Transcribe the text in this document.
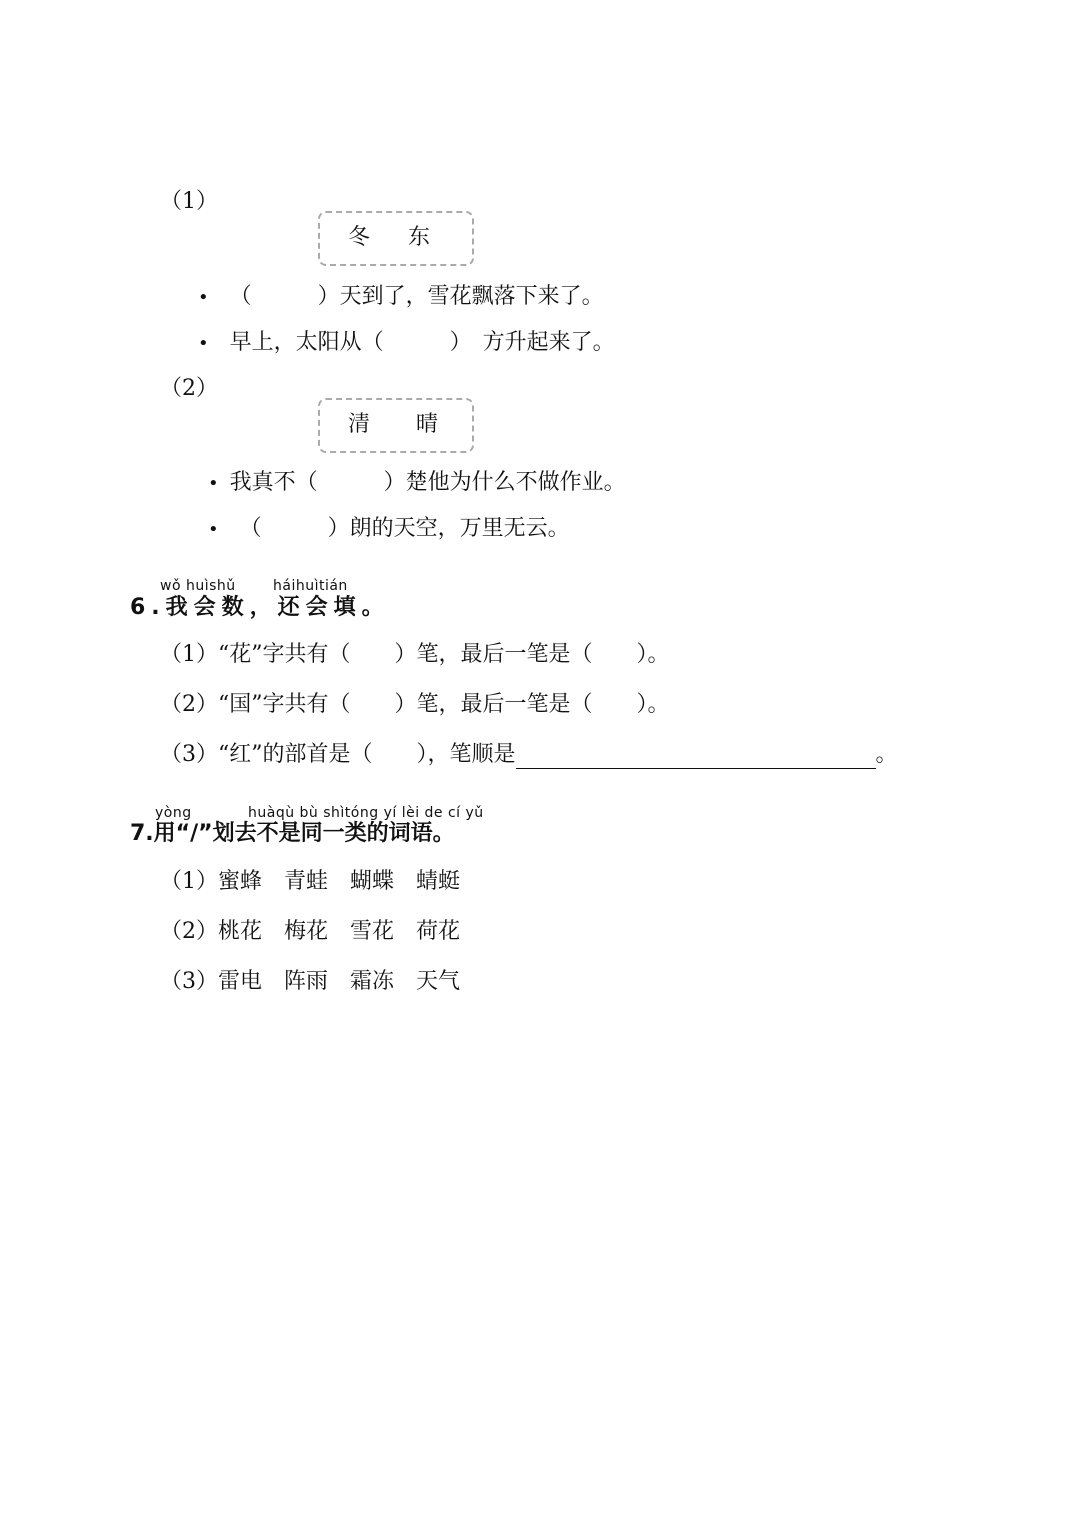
（1）
冬 东
• （　　　）天到了，雪花飘落下来了。
• 早上，太阳从（　　　）　方升起来了。
（2）
清 晴
• 我真不（　　　）楚他为什么不做作业。
• （　　　）朗的天空，万里无云。
wǒ huìshǔ	háihuìtián
6.我会数，还会填。
（1）“花”字共有（　　）笔，最后一笔是（　　）。
（2）“国”字共有（　　）笔，最后一笔是（　　）。
（3）“红”的部首是（　　），笔顺是	。
yòng	huàqù bù shìtóng yí lèi de cí yǔ
7.用“/”划去不是同一类的词语。
（1）蜜蜂　青蛙　蝴蝶　蜻蜓
（2）桃花　梅花　雪花　荷花
（3）雷电　阵雨　霜冻　天气
